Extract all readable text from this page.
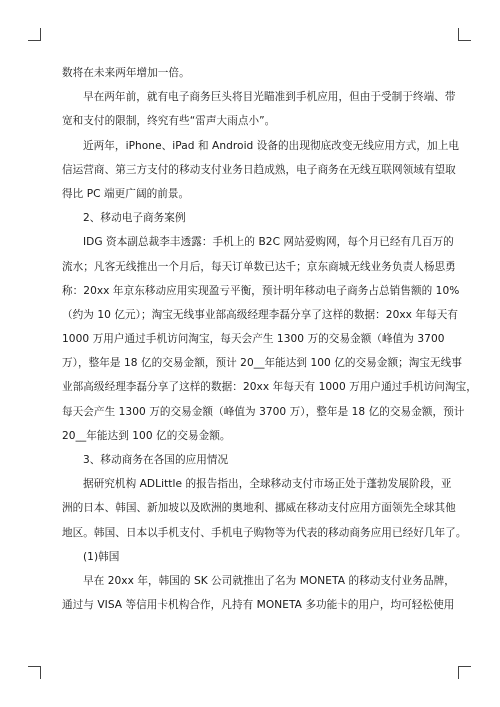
数将在未来两年增加一倍。
早在两年前，就有电子商务巨头将目光瞄准到手机应用，但由于受制于终端、带
宽和支付的限制，终究有些“雷声大雨点小”。
近两年，iPhone、iPad 和 Android 设备的出现彻底改变无线应用方式，加上电
信运营商、第三方支付的移动支付业务日趋成熟，电子商务在无线互联网领域有望取
得比 PC 端更广阔的前景。
2、移动电子商务案例
IDG 资本副总裁李丰透露：手机上的 B2C 网站爱购网，每个月已经有几百万的
流水；凡客无线推出一个月后，每天订单数已达千；京东商城无线业务负责人杨思勇
称：20xx 年京东移动应用实现盈亏平衡，预计明年移动电子商务占总销售额的 10%
（约为 10 亿元）；淘宝无线事业部高级经理李磊分享了这样的数据：20xx 年每天有
1000 万用户通过手机访问淘宝，每天会产生 1300 万的交易金额（峰值为 3700
万），整年是 18 亿的交易金额，预计 20__年能达到 100 亿的交易金额；淘宝无线事
业部高级经理李磊分享了这样的数据：20xx 年每天有 1000 万用户通过手机访问淘宝，
每天会产生 1300 万的交易金额（峰值为 3700 万），整年是 18 亿的交易金额，预计
20__年能达到 100 亿的交易金额。
3、移动商务在各国的应用情况
据研究机构 ADLittle 的报告指出，全球移动支付市场正处于蓬勃发展阶段，亚
洲的日本、韩国、新加坡以及欧洲的奥地利、挪威在移动支付应用方面领先全球其他
地区。韩国、日本以手机支付、手机电子购物等为代表的移动商务应用已经好几年了。
(1)韩国
早在 20xx 年，韩国的 SK 公司就推出了名为 MONETA 的移动支付业务品牌，
通过与 VISA 等信用卡机构合作，凡持有 MONETA 多功能卡的用户，均可轻松使用
